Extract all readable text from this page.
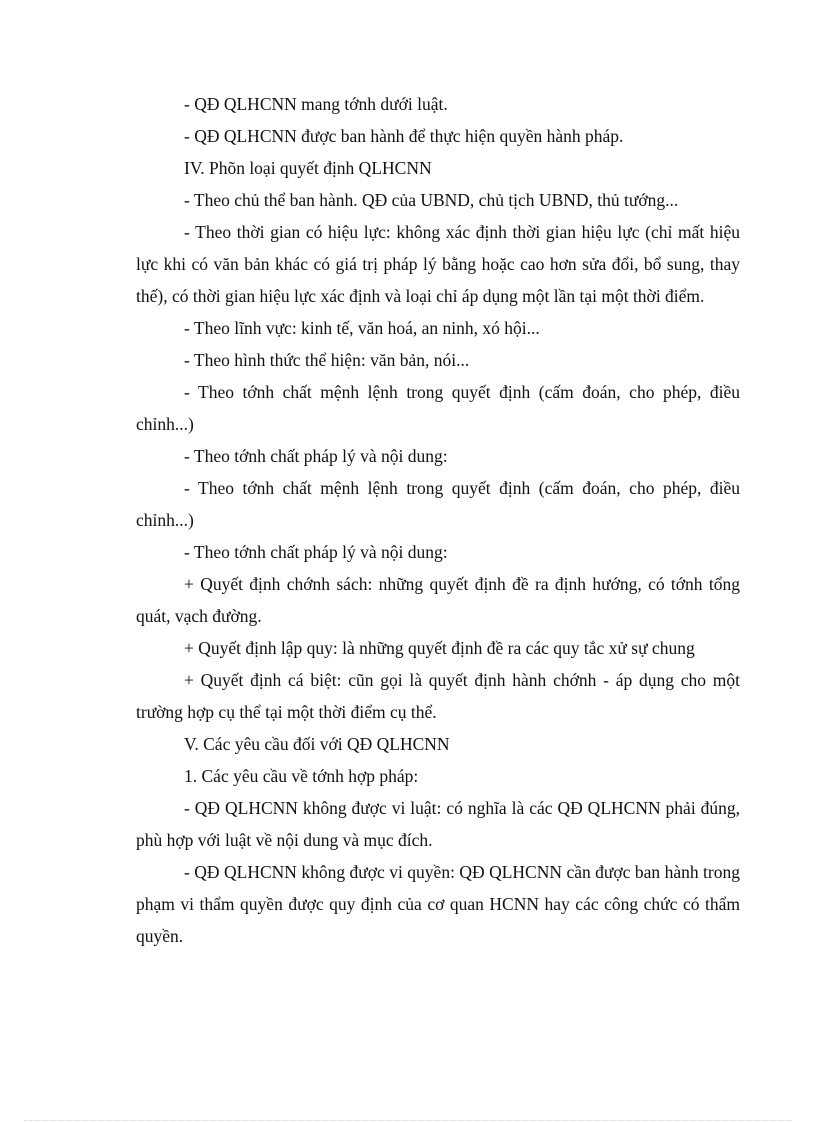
- QĐ QLHCNN mang tớnh dưới luật.

- QĐ QLHCNN được ban hành để thực hiện quyền hành pháp.

IV. Phõn loại quyết định QLHCNN

- Theo chủ thể ban hành. QĐ của UBND, chủ tịch UBND, thủ tướng...

- Theo thời gian có hiệu lực: không xác định thời gian hiệu lực (chỉ mất hiệu lực khi có văn bản khác có giá trị pháp lý bằng hoặc cao hơn sửa đổi, bổ sung, thay thế), có thời gian hiệu lực xác định và loại chỉ áp dụng một lần tại một thời điểm.

- Theo lĩnh vực: kinh tế, văn hoá, an ninh, xó hội...

- Theo hình thức thể hiện: văn bản, nói...

- Theo tớnh chất mệnh lệnh trong quyết định (cấm đoán, cho phép, điều chỉnh...)

- Theo tớnh chất pháp lý và nội dung:

- Theo tớnh chất mệnh lệnh trong quyết định (cấm đoán, cho phép, điều chỉnh...)

- Theo tớnh chất pháp lý và nội dung:

+ Quyết định chớnh sách: những quyết định đề ra định hướng, có tớnh tổng quát, vạch đường.

+ Quyết định lập quy: là những quyết định đề ra các quy tắc xử sự chung

+ Quyết định cá biệt: cũn gọi là quyết định hành chớnh - áp dụng cho một trường hợp cụ thể tại một thời điểm cụ thể.

V. Các yêu cầu đối với QĐ QLHCNN

1. Các yêu cầu về tớnh hợp pháp:

- QĐ QLHCNN không được vi luật: có nghĩa là các QĐ QLHCNN phải đúng, phù hợp với luật về nội dung và mục đích.

- QĐ QLHCNN không được vi quyền: QĐ QLHCNN cần được ban hành trong phạm vi thẩm quyền được quy định của cơ quan HCNN hay các công chức có thẩm quyền.
